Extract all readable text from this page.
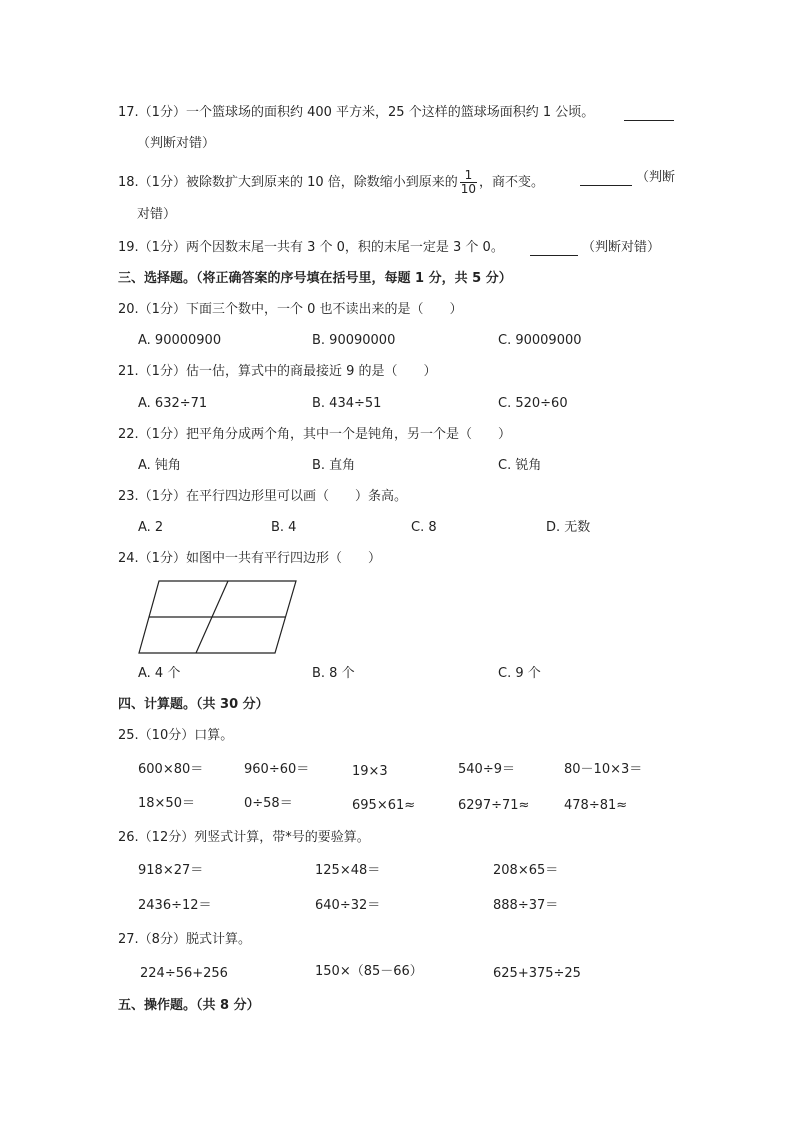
17.（1分）一个篮球场的面积约 400 平方米，25 个这样的篮球场面积约 1 公顷。
（判断对错）
18.（1分）被除数扩大到原来的 10 倍，除数缩小到原来的 $\frac{1}{10}$ ，商不变。	（判断
对错）
19.（1分）两个因数末尾一共有 3 个 0，积的末尾一定是 3 个 0。	（判断对错）
三、选择题。（将正确答案的序号填在括号里，每题 1 分，共 5 分）
20.（1分）下面三个数中，一个 0 也不读出来的是（　　）
A. 90000900	B. 90090000	C. 90009000
21.（1分）估一估，算式中的商最接近 9 的是（　　）
A. 632÷71	B. 434÷51	C. 520÷60
22.（1分）把平角分成两个角，其中一个是钝角，另一个是（　　）
A. 钝角	B. 直角	C. 锐角
23.（1分）在平行四边形里可以画（　　）条高。
A. 2	B. 4	C. 8	D. 无数
24.（1分）如图中一共有平行四边形（　　）
A. 4 个	B. 8 个	C. 9 个
四、计算题。（共 30 分）
25.（10分）口算。
600×80＝	960÷60＝	19×3	540÷9＝	80－10×3＝
18×50＝	0÷58＝	695×61≈	6297÷71≈	478÷81≈
26.（12分）列竖式计算，带*号的要验算。
918×27＝	125×48＝	208×65＝
2436÷12＝	640÷32＝	888÷37＝
27.（8分）脱式计算。
224÷56+256	150×（85－66）	625+375÷25
五、操作题。（共 8 分）
